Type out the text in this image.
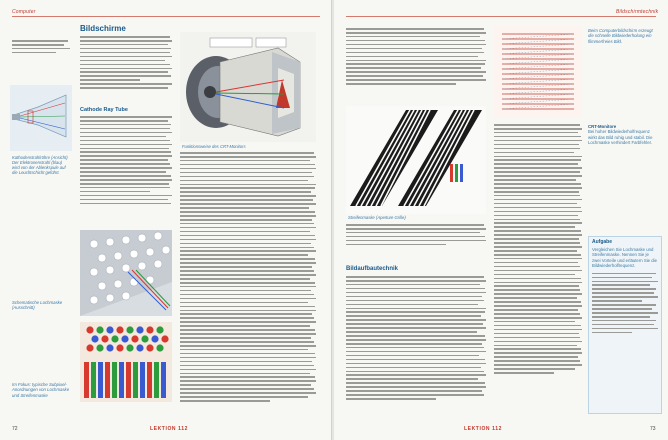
Computer
Kathodenstrahlröhre (Ansicht) Der Elektronenstrahl (blau) wird von der Ablenkspule auf die Leuchtschicht geführt.
Bildschirme
Cathode Ray Tube
Funktionsweise des CRT-Monitors
Schematische Lochmaske (Ausschnitt)
Im Fokus: typische Subpixel-Anordnungen von Lochmaske und Streifenmaske
72	LEKTION 112
Bildschirmtechnik
Streifenmaske (Aperture Grille)
Bildaufbautechnik
Beim Computerbildschirm erzeugt die schnelle Bildwiederholung ein flimmerfreies Bild.
CRT-Monitore
Bei hoher Bildwiederholfrequenz wirkt das Bild ruhig und stabil. Die Lochmaske verhindert Farbfehler.
Aufgabe
Vergleichen Sie Lochmaske und Streifenmaske. Nennen Sie je zwei Vorteile und erläutern Sie die Bildwiederholfrequenz.
LEKTION 112	73
